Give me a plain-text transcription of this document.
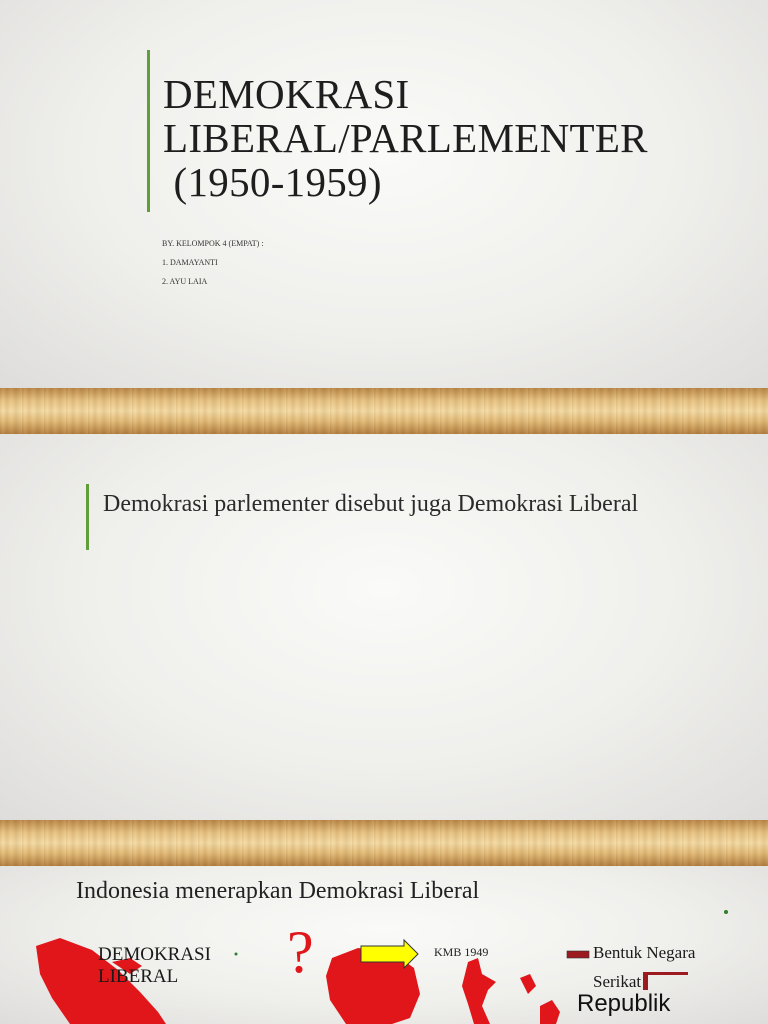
DEMOKRASI
LIBERAL/PARLEMENTER
(1950-1959)
BY. KELOMPOK 4 (EMPAT) :
1. DAMAYANTI
2. AYU LAIA
Demokrasi parlementer disebut juga Demokrasi Liberal
Indonesia menerapkan Demokrasi Liberal
DEMOKRASI
LIBERAL	?	KMB 1949	Bentuk Negara
Serikat
Republik
